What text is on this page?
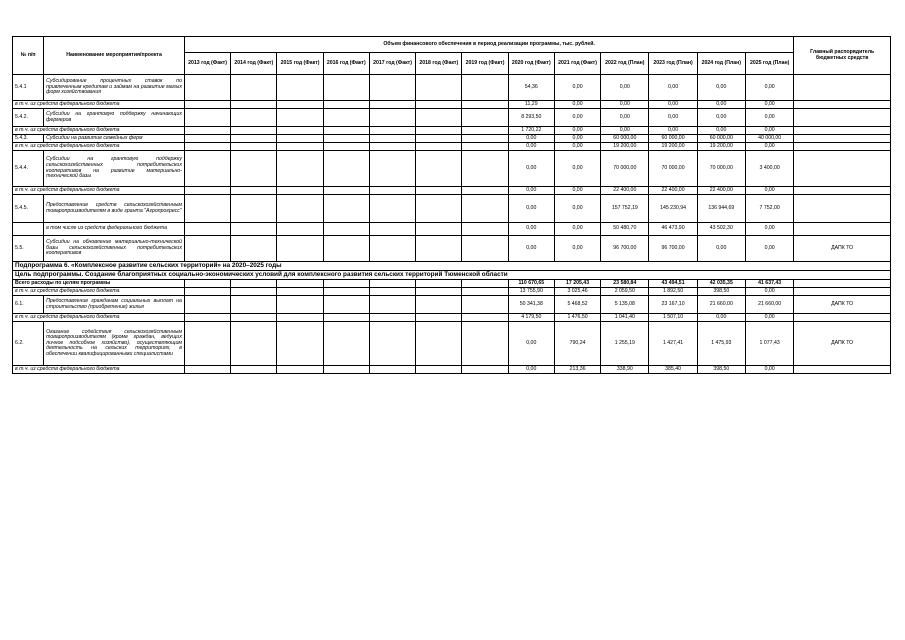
№ п/п	Наименование мероприятия/проекта	Объем финансового обеспечения в период реализации программы, тыс. рублей.													Главный распорядитель бюджетных средств
		2013 год (Факт)	2014 год (Факт)	2015 год (Факт)	2016 год (Факт)	2017 год (Факт)	2018 год (Факт)	2019 год (Факт)	2020 год (Факт)	2021 год (Факт)	2022 год (План)	2023 год (План)	2024 год (План)	2025 год (План)	
5.4.1	Субсидирование процентных ставок по привлеченным кредитам и займам на развитие малых форм хозяйствования								54,36	0,00	0,00	0,00	0,00	0,00	
в т.ч. из средств федерального бюджета									11,29	0,00	0,00	0,00	0,00	0,00	
5.4.2.	Субсидии на грантовую поддержку начинающих фермеров								8 293,50	0,00	0,00	0,00	0,00	0,00	
в т.ч. из средств федерального бюджета									1 720,22	0,00	0,00	0,00	0,00	0,00	
5.4.3.	Субсидии на развитие семейных ферм								0,00	0,00	60 000,00	60 000,00	60 000,00	40 000,00	
в т.ч. из средств федерального бюджета									0,00	0,00	19 200,00	19 200,00	19 200,00	0,00	
5.4.4.	Субсидии на грантовую поддержку сельскохозяйственных потребительских кооперативов на развитие материально-технической базы								0,00	0,00	70 000,00	70 000,00	70 000,00	3 400,00	
в т.ч. из средств федерального бюджета									0,00	0,00	22 400,00	22 400,00	22 400,00	0,00	
5.4.5.	Предоставление средств сельскохозяйственным товаропроизводителям в виде гранта "Агропрогресс"								0,00	0,00	157 752,19	145 230,94	136 944,69	7 752,00	
	в том числе из средств федерального бюджета								0,00	0,00	50 480,70	46 473,90	43 502,30	0,00	
5.5.	Субсидии на обновление материально-технической базы сельскохозяйственных потребительских кооперативов								0,00	0,00	96 700,00	96 700,00	0,00	0,00	ДАПК ТО
Подпрограмма 6. «Комплексное развитие сельских территорий» на 2020–2025 годы															
Цель подпрограммы. Создание благоприятных социально-экономических условий для комплексного развития сельских территорий Тюменской области															
Всего расходы по целям программы									110 670,65	17 205,43	23 580,84	43 494,51	42 035,35	41 637,43	
в т.ч. из средств федерального бюджета									13 755,90	3 025,46	2 059,50	1 892,50	398,50	0,00	
6.1.	Предоставление гражданам социальных выплат на строительство (приобретение) жилья								50 341,38	5 468,52	5 135,08	23 167,10	21 660,00	21 660,00	ДАПК ТО
в т.ч. из средств федерального бюджета									4 179,50	1 476,50	1 041,40	1 507,10	0,00	0,00	
6.2.	Оказание содействия сельскохозяйственным товаропроизводителям (кроме граждан, ведущих личное подсобное хозяйство), осуществляющим деятельность на сельских территориях, в обеспечении квалифицированными специалистами								0,00	790,24	1 255,19	1 427,41	1 475,93	1 077,43	ДАПК ТО
в т.ч. из средств федерального бюджета									0,00	213,36	338,90	385,40	398,50	0,00	
